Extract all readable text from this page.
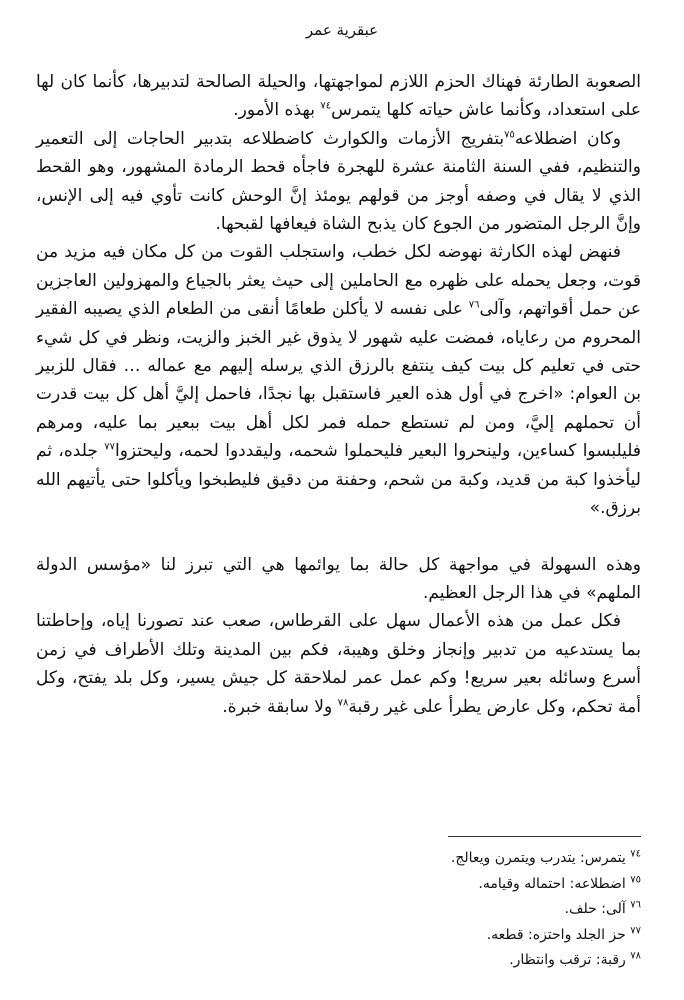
عبقرية عمر

الصعوبة الطارئة فهناك الحزم اللازم لمواجهتها، والحيلة الصالحة لتدبيرها، كأنما كان لها على استعداد، وكأنما عاش حياته كلها يتمرس$^{٧٤}$ بهذه الأمور.

وكان اضطلاعه$^{٧٥}$بتفريج الأزمات والكوارث كاضطلاعه بتدبير الحاجات إلى التعمير والتنظيم، ففي السنة الثامنة عشرة للهجرة فاجأه قحط الرمادة المشهور، وهو القحط الذي لا يقال في وصفه أوجز من قولهم يومئذ إنَّ الوحش كانت تأوي فيه إلى الإنس، وإنَّ الرجل المتضور من الجوع كان يذبح الشاة فيعافها لقبحها.

فنهض لهذه الكارثة نهوضه لكل خطب، واستجلب القوت من كل مكان فيه مزيد من قوت، وجعل يحمله على ظهره مع الحاملين إلى حيث يعثر بالجياع والمهزولين العاجزين عن حمل أقواتهم، وآلى$^{٧٦}$ على نفسه لا يأكلن طعامًا أنقى من الطعام الذي يصيبه الفقير المحروم من رعاياه، فمضت عليه شهور لا يذوق غير الخبز والزيت، ونظر في كل شيء حتى في تعليم كل بيت كيف ينتفع بالرزق الذي يرسله إليهم مع عماله … فقال للزبير بن العوام: «اخرج في أول هذه العير فاستقبل بها نجدًا، فاحمل إليَّ أهل كل بيت قدرت أن تحملهم إليَّ، ومن لم تستطع حمله فمر لكل أهل بيت ببعير بما عليه، ومرهم فليلبسوا كساءين، ولينحروا البعير فليحملوا شحمه، وليقددوا لحمه، وليحتزوا$^{٧٧}$ جلده، ثم ليأخذوا كبة من قديد، وكبة من شحم، وحفنة من دقيق فليطبخوا ويأكلوا حتى يأتيهم الله برزق.»

وهذه السهولة في مواجهة كل حالة بما يوائمها هي التي تبرز لنا «مؤسس الدولة الملهم» في هذا الرجل العظيم.

فكل عمل من هذه الأعمال سهل على القرطاس، صعب عند تصورنا إياه، وإحاطتنا بما يستدعيه من تدبير وإنجاز وخلق وهيبة، فكم بين المدينة وتلك الأطراف في زمن أسرع وسائله بعير سريع! وكم عمل عمر لملاحقة كل جيش يسير، وكل بلد يفتح، وكل أمة تحكم، وكل عارض يطرأ على غير رقبة$^{٧٨}$ ولا سابقة خبرة.

$^{٧٤}$ يتمرس: يتدرب ويتمرن ويعالج.
$^{٧٥}$ اضطلاعه: احتماله وقيامه.
$^{٧٦}$ آلى: حلف.
$^{٧٧}$ حز الجلد واحتزه: قطعه.
$^{٧٨}$ رقبة: ترقب وانتظار.
